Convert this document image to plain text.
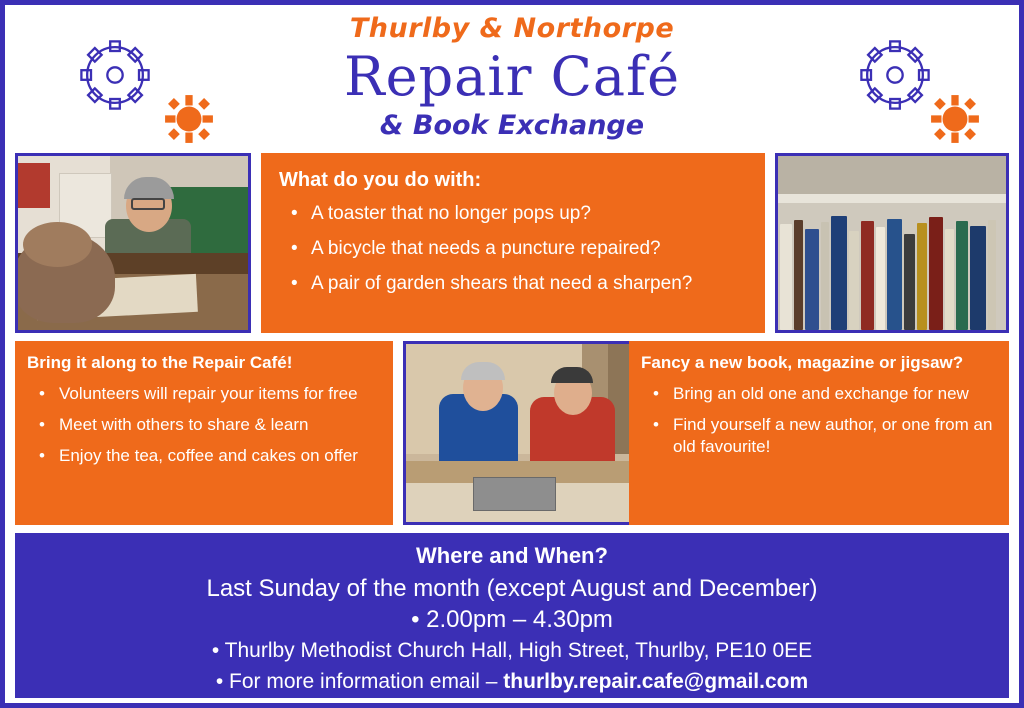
Thurlby & Northorpe

Repair Café

& Book Exchange

What do you do with:

• A toaster that no longer pops up?
• A bicycle that needs a puncture repaired?
• A pair of garden shears that need a sharpen?

Bring it along to the Repair Café!

• Volunteers will repair your items for free
• Meet with others to share & learn
• Enjoy the tea, coffee and cakes on offer

Fancy a new book, magazine or jigsaw?

• Bring an old one and exchange for new
• Find yourself a new author, or one from an old favourite!

Where and When?

Last Sunday of the month (except August and December)

• 2.00pm – 4.30pm

• Thurlby Methodist Church Hall, High Street, Thurlby, PE10 0EE

• For more information email – thurlby.repair.cafe@gmail.com
